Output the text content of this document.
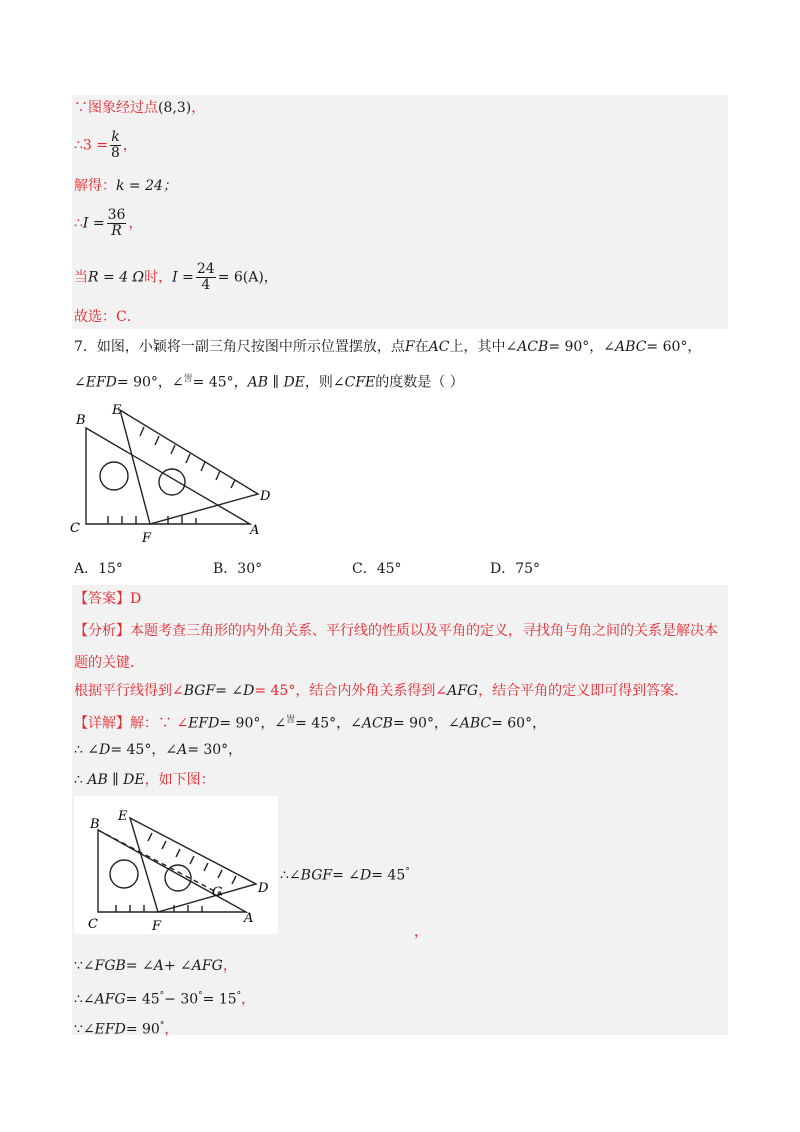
∵图象经过点(8,3)，
∴3 = $\frac{k}{8}$ ，
解得：k = 24；
∴I = $\frac{36}{R}$ ，
当R = 4 Ω时，$I = \frac{24}{4} = 6(A)$，
故选：C．
7．如图，小颖将一副三角尺按图中所示位置摆放，点F在AC上，其中∠ACB= 90°，∠ABC= 60°，
∠EFD= 90°，∠$^訔$= 45°，AB ∥ DE，则∠CFE的度数是（ ）
B
E
C
F
A
D
A．15°	B．30°	C．45°	D．75°
【答案】D
【分析】本题考查三角形的内外角关系、平行线的性质以及平角的定义，寻找角与角之间的关系是解决本
题的关键．
根据平行线得到∠BGF= ∠D= 45°，结合内外角关系得到∠AFG，结合平角的定义即可得到答案．
【详解】解：∵ ∠EFD= 90°，∠$^訔$= 45°，∠ACB= 90°，∠ABC= 60°，
∴ ∠D= 45°，∠A= 30°，
∴ AB ∥ DE，如下图：
E
B
G	D
C	F
A
∴∠BGF= ∠D= 45°
，
∵∠FGB= ∠A+ ∠AFG，
∴∠AFG= 45°− 30°= 15°，
∵∠EFD= 90°，
